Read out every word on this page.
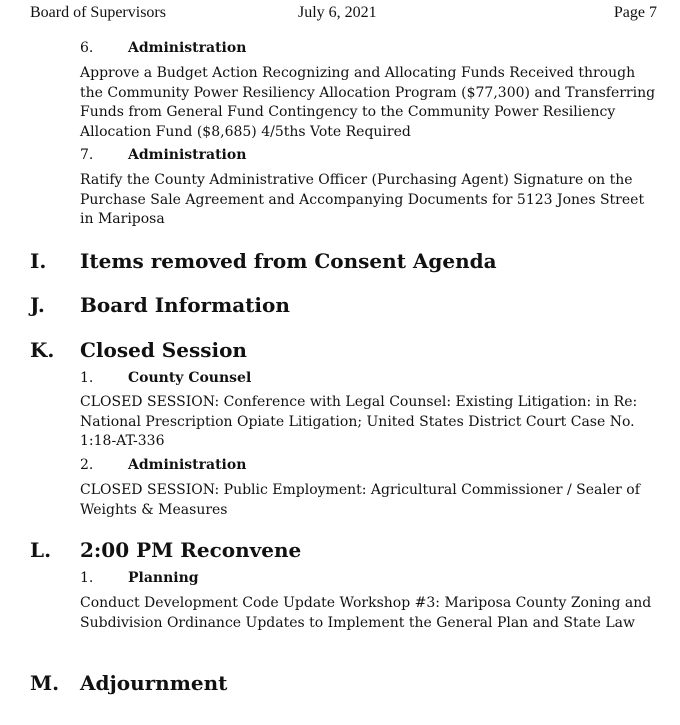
Board of Supervisors	July 6, 2021	Page 7
6. Administration

Approve a Budget Action Recognizing and Allocating Funds Received through the Community Power Resiliency Allocation Program ($77,300) and Transferring Funds from General Fund Contingency to the Community Power Resiliency Allocation Fund ($8,685) 4/5ths Vote Required

7. Administration

Ratify the County Administrative Officer (Purchasing Agent) Signature on the Purchase Sale Agreement and Accompanying Documents for 5123 Jones Street in Mariposa

I. Items removed from Consent Agenda
J. Board Information
K. Closed Session
1. County Counsel

CLOSED SESSION: Conference with Legal Counsel: Existing Litigation: in Re: National Prescription Opiate Litigation; United States District Court Case No. 1:18-AT-336

2. Administration

CLOSED SESSION: Public Employment: Agricultural Commissioner / Sealer of Weights & Measures

L. 2:00 PM Reconvene
1. Planning

Conduct Development Code Update Workshop #3: Mariposa County Zoning and Subdivision Ordinance Updates to Implement the General Plan and State Law

M. Adjournment
